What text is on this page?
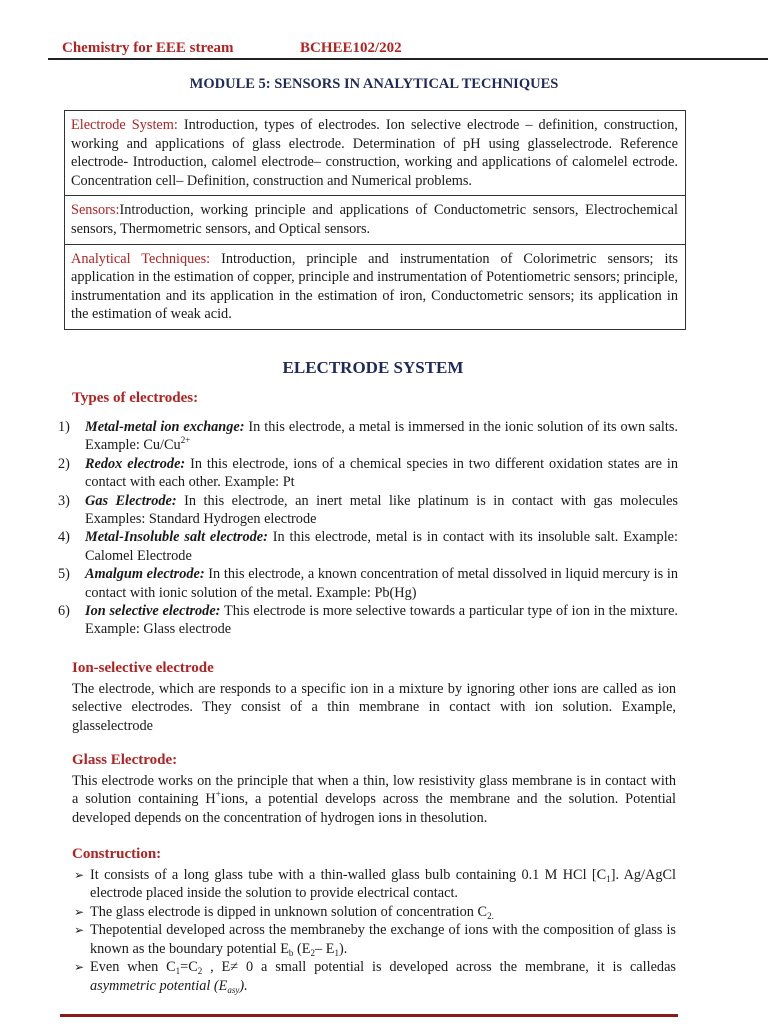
Chemistry for EEE stream	BCHEE102/202
MODULE 5: SENSORS IN ANALYTICAL TECHNIQUES
Electrode System: Introduction, types of electrodes. Ion selective electrode – definition, construction, working and applications of glass electrode. Determination of pH using glasselectrode. Reference electrode- Introduction, calomel electrode– construction, working and applications of calomelel ectrode. Concentration cell– Definition, construction and Numerical problems.
Sensors:Introduction, working principle and applications of Conductometric sensors, Electrochemical sensors, Thermometric sensors, and Optical sensors.
Analytical Techniques: Introduction, principle and instrumentation of Colorimetric sensors; its application in the estimation of copper, principle and instrumentation of Potentiometric sensors; principle, instrumentation and its application in the estimation of iron, Conductometric sensors; its application in the estimation of weak acid.
ELECTRODE SYSTEM
Types of electrodes:
1) Metal-metal ion exchange: In this electrode, a metal is immersed in the ionic solution of its own salts. Example: $Cu/Cu^{2+}$
2) Redox electrode: In this electrode, ions of a chemical species in two different oxidation states are in contact with each other. Example: Pt
3) Gas Electrode: In this electrode, an inert metal like platinum is in contact with gas molecules Examples: Standard Hydrogen electrode
4) Metal-Insoluble salt electrode: In this electrode, metal is in contact with its insoluble salt. Example: Calomel Electrode
5) Amalgum electrode: In this electrode, a known concentration of metal dissolved in liquid mercury is in contact with ionic solution of the metal. Example: Pb(Hg)
6) Ion selective electrode: This electrode is more selective towards a particular type of ion in the mixture. Example: Glass electrode
Ion-selective electrode

The electrode, which are responds to a specific ion in a mixture by ignoring other ions are called as ion selective electrodes. They consist of a thin membrane in contact with ion solution. Example, glasselectrode

Glass Electrode:

This electrode works on the principle that when a thin, low resistivity glass membrane is in contact with a solution containing H+ions, a potential develops across the membrane and the solution. Potential developed depends on the concentration of hydrogen ions in thesolution.

Construction:
➢ It consists of a long glass tube with a thin-walled glass bulb containing 0.1 M HCl $[C_1]$. Ag/AgCl electrode placed inside the solution to provide electrical contact.
➢ The glass electrode is dipped in unknown solution of concentration $C_{2.}$
➢ Thepotential developed across the membraneby the exchange of ions with the composition of glass is known as the boundary potential $E_b$ ($E_2-$ $E_1$).
➢ Even when $C_1=C_2$ , E≠ 0 a small potential is developed across the membrane, it is calledas asymmetric potential $(E_{asy})$.
